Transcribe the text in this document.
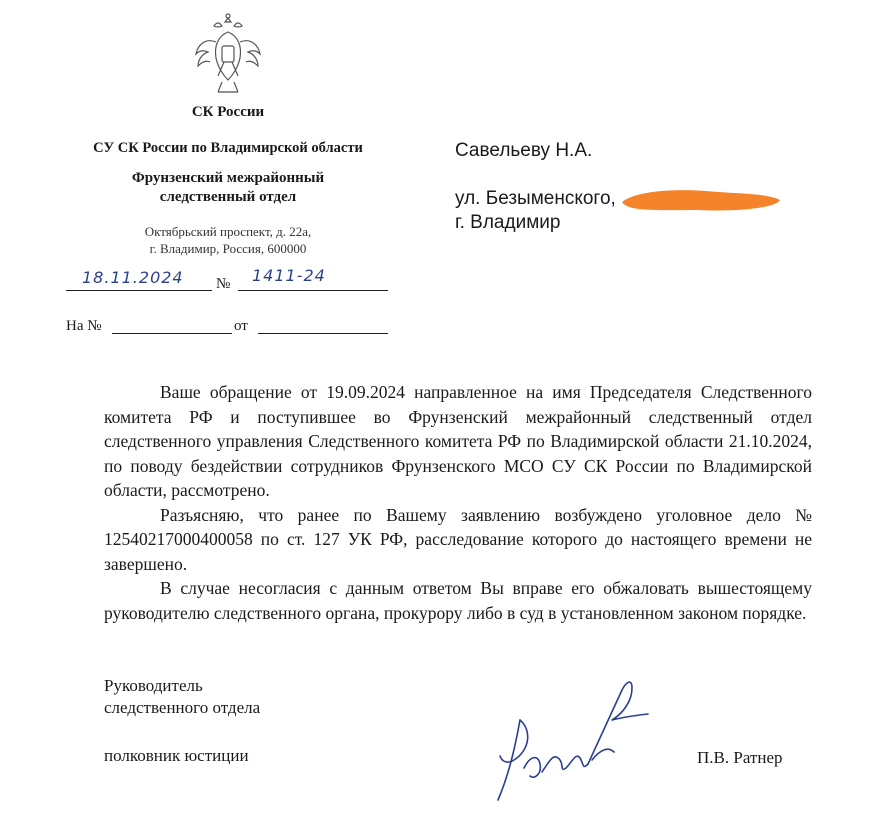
СК России
СУ СК России по Владимирской области
Фрунзенский межрайонный
следственный отдел
Октябрьский проспект, д. 22а,
г. Владимир, Россия, 600000
18.11.2024 № 1411-24
На №	от
Савельеву Н.А.
ул. Безыменского,
г. Владимир

Ваше обращение от 19.09.2024 направленное на имя Председателя Следственного комитета РФ и поступившее во Фрунзенский межрайонный следственный отдел следственного управления Следственного комитета РФ по Владимирской области 21.10.2024, по поводу бездействии сотрудников Фрунзенского МСО СУ СК России по Владимирской области, рассмотрено.

Разъясняю, что ранее по Вашему заявлению возбуждено уголовное дело № 12540217000400058 по ст. 127 УК РФ, расследование которого до настоящего времени не завершено.

В случае несогласия с данным ответом Вы вправе его обжаловать вышестоящему руководителю следственного органа, прокурору либо в суд в установленном законом порядке.

Руководитель
следственного отдела
полковник юстиции	П.В. Ратнер
